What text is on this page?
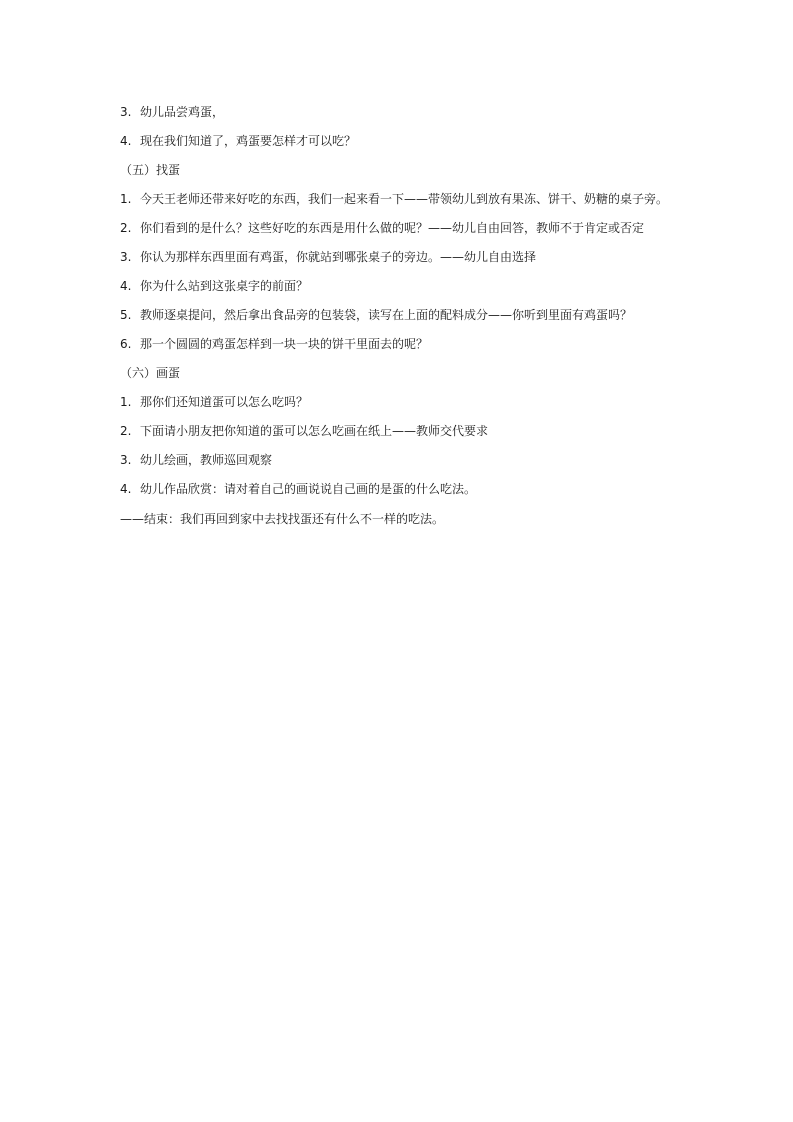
3. 幼儿品尝鸡蛋，
4. 现在我们知道了，鸡蛋要怎样才可以吃？
（五）找蛋
1. 今天王老师还带来好吃的东西，我们一起来看一下——带领幼儿到放有果冻、饼干、奶糖的桌子旁。
2. 你们看到的是什么？这些好吃的东西是用什么做的呢？——幼儿自由回答，教师不于肯定或否定
3. 你认为那样东西里面有鸡蛋，你就站到哪张桌子的旁边。——幼儿自由选择
4. 你为什么站到这张桌字的前面？
5. 教师逐桌提问，然后拿出食品旁的包装袋，读写在上面的配料成分——你听到里面有鸡蛋吗？
6. 那一个圆圆的鸡蛋怎样到一块一块的饼干里面去的呢？
（六）画蛋
1. 那你们还知道蛋可以怎么吃吗？
2. 下面请小朋友把你知道的蛋可以怎么吃画在纸上——教师交代要求
3. 幼儿绘画，教师巡回观察
4. 幼儿作品欣赏：请对着自己的画说说自己画的是蛋的什么吃法。
——结束：我们再回到家中去找找蛋还有什么不一样的吃法。
